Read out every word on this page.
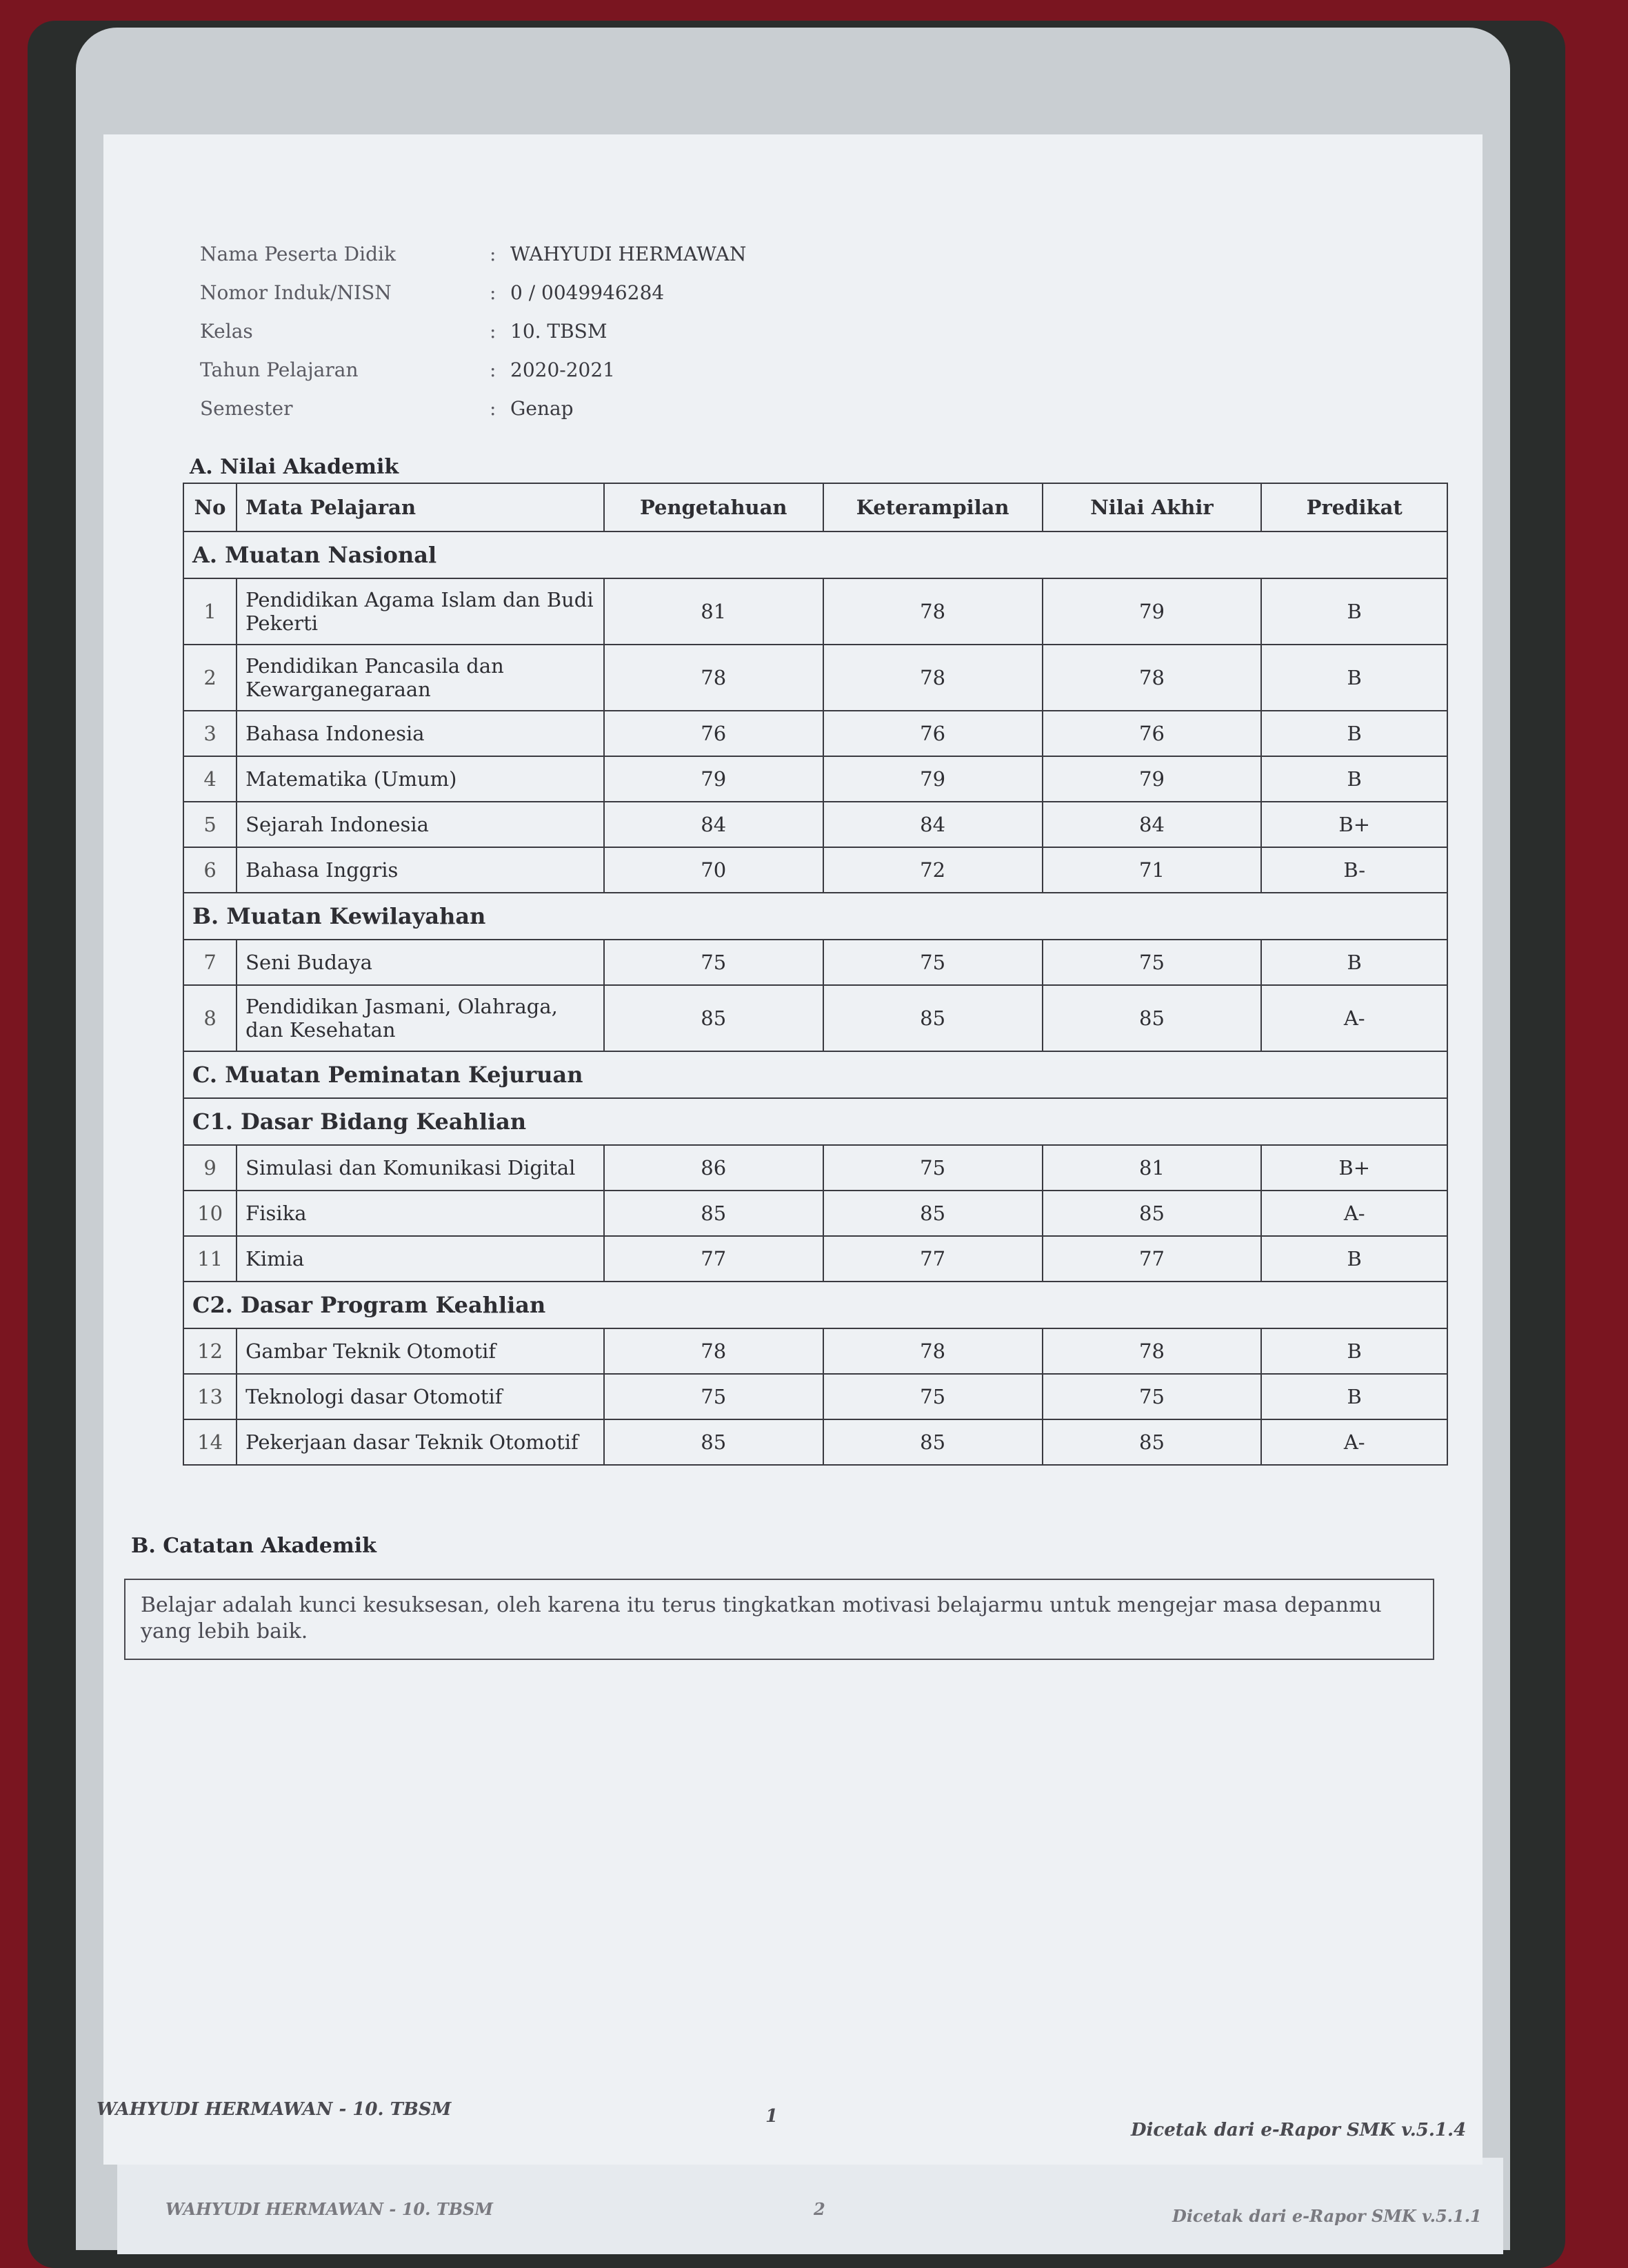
WAHYUDI HERMAWAN - 10. TBSM	2	Dicetak dari e-Rapor SMK v.5.1.1
Nama Peserta Didik	: WAHYUDI HERMAWAN
Nomor Induk/NISN	: 0 / 0049946284
Kelas	: 10. TBSM
Tahun Pelajaran	: 2020-2021
Semester	: Genap
A. Nilai Akademik
No	Mata Pelajaran	Pengetahuan	Keterampilan	Nilai Akhir	Predikat
A. Muatan Nasional					
1	Pendidikan Agama Islam dan Budi Pekerti	81	78	79	B
2	Pendidikan Pancasila dan Kewarganegaraan	78	78	78	B
3	Bahasa Indonesia	76	76	76	B
4	Matematika (Umum)	79	79	79	B
5	Sejarah Indonesia	84	84	84	B+
6	Bahasa Inggris	70	72	71	B-
B. Muatan Kewilayahan					
7	Seni Budaya	75	75	75	B
8	Pendidikan Jasmani, Olahraga, dan Kesehatan	85	85	85	A-
C. Muatan Peminatan Kejuruan					
C1. Dasar Bidang Keahlian					
9	Simulasi dan Komunikasi Digital	86	75	81	B+
10	Fisika	85	85	85	A-
11	Kimia	77	77	77	B
C2. Dasar Program Keahlian					
12	Gambar Teknik Otomotif	78	78	78	B
13	Teknologi dasar Otomotif	75	75	75	B
14	Pekerjaan dasar Teknik Otomotif	85	85	85	A-
B. Catatan Akademik
Belajar adalah kunci kesuksesan, oleh karena itu terus tingkatkan motivasi belajarmu untuk mengejar masa depanmu yang lebih baik.
WAHYUDI HERMAWAN - 10. TBSM	1
Dicetak dari e-Rapor SMK v.5.1.4
